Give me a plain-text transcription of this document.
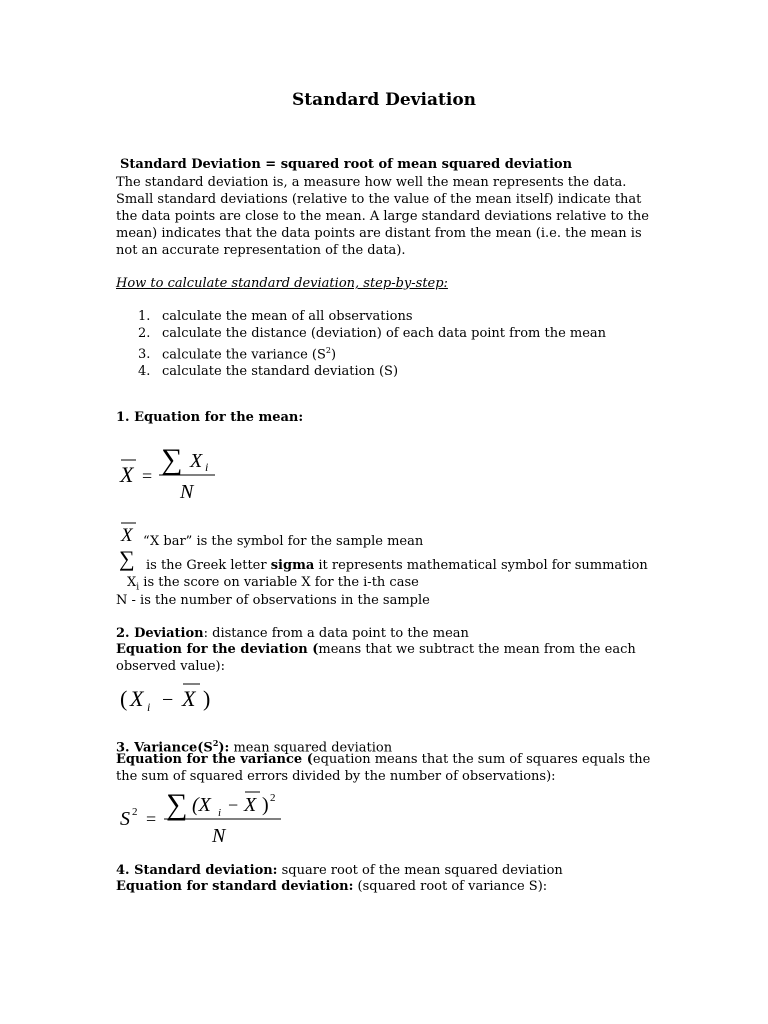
Standard Deviation
Standard Deviation = squared root of mean squared deviation
The standard deviation is, a measure how well the mean represents the data. Small standard deviations (relative to the value of the mean itself) indicate that the data points are close to the mean. A large standard deviations relative to the mean) indicates that the data points are distant from the mean (i.e. the mean is not an accurate representation of the data).
How to calculate standard deviation, step-by-step:
1. calculate the mean of all observations
2. calculate the distance (deviation) of each data point from the mean
3. calculate the variance $(S^2)$
4. calculate the standard deviation (S)
1. Equation for the mean:
X = ∑ X i
N
X “X bar” is the symbol for the sample mean
∑ is the Greek letter sigma it represents mathematical symbol for summation
$X_i$ is the score on variable X for the i-th case
N - is the number of observations in the sample
2. Deviation: distance from a data point to the mean
Equation for the deviation (means that we subtract the mean from the each observed value):
( X i − X )
3. $Variance(S^2)$: mean squared deviation
Equation for the variance (equation means that the sum of squares equals the the sum of squared errors divided by the number of observations):
S 2 = ∑ (X i − X ) 2
N
4. Standard deviation: square root of the mean squared deviation
Equation for standard deviation: (squared root of variance S):
